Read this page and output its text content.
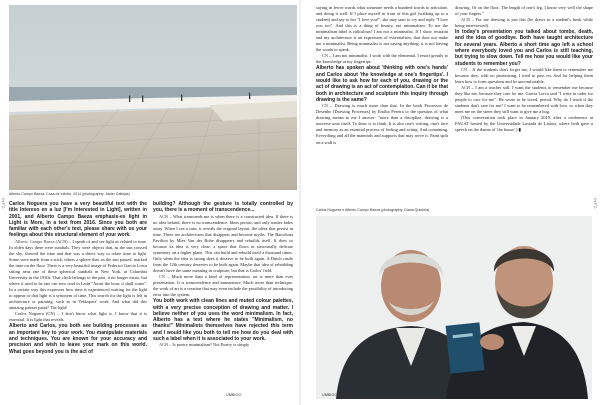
INFO
Alberto Campo Baeza, Casa de Infinito, 2014 (photography: Javier Callejas)

Carlos Noguera you have a very beautiful text with the title Intereso en a luz [I'm Interested in Light], written in 2001, and Alberto Campo Baeza emphasis-es light in Light is More, in a text from 2016. Since you both are familiar with each other's text, please share with us your feelings about this structural element of your work.

Alberto Campo Baeza (ACB) – I speak of and see light as related to time. In olden days there were sundials. They were objects that, as the sun crossed the sky, showed the time and that was a direct way to relate time to light. Some were made from a stick, others a sphere that, as the sun passed, marked the time on the floor. There is a very beautiful image of Federico García Lorca sitting near one of these spherical sundials in New York, at Columbia University in the 1930s. That clock belongs to the past, it no longer exists, but where it used to be one can now read in Latin "Await the hour, it shall come". In a certain way this expresses how time is experienced waiting for the light to appear or that light is a synonym of time. This search for the light is felt in architecture or painting, such as in Velázquez' work. And what did this amazing painter paint? The light!

Carlos Noguera (CN) – I don't know what light is. I know that it is essential. It is light that reveals.

Alberto and Carlos, you both see building processes as an important key to your work. You manipulate materials and techniques. You are known for your accuracy and precision and wish to leave your mark on this world. What goes beyond you is the act of

building? Although the gesture is totally controlled by you, there is a moment of transcendence...

ACB – What transcends me is when there is a constructed idea. If there is no idea behind, there is no transcendence. Ideas persist, and only matter fades away. When I see a ruin, it reveals the original layout, the ideas that persist in time. There are architectures that disappear and become myths. The Barcelona Pavilion by Mies Van der Rohe disappears and rebuilds itself. It does so because its idea is very clear: a space that flows in structurally delicate symmetry on a higher plane. This can build and rebuild itself a thousand times. Only when the idea is strong does it deserve to be built again. A Dutch castle from the 12th century deserves to be built again. Maybe that idea of rebuilding doesn't have the same meaning in sculpture, but that is Carlos' field.

CN – Much more than a kind of representation, art is more than ever presentation. It is transcendence and immanence. Much more than technique, the work of art is a creation that may even include the possibility of introducing error into the system.

You both work with clean lines and muted colour palettes, with a very precise conception of drawing and matter. I believe neither of you uses the word minimalism. In fact, Alberto has a text where he states "Minimalism, no thanks!" Minimalists themselves have rejected this term and I would like you both to tell me how do you deal with such a label when it is associated to your work.

ACB – Is poetry minimalism? Not Poetry is simply

UMBIGO
INFO

saying in fewer words what someone needs a hundred words to articulate, and doing it well. If I place myself in front of this girl (walking up to a student) and say to her "I love you!", she may start to cry and reply "I love you too". And this is a thing of beauty, not minimalism. To me the minimalism label is ridiculous! I am not a minimalist. If I show restraint and my architecture is an expression of essentialism, that does not make me a minimalist. Being minimalist is not saying anything, it is not having the words to speak.

CN – I am not minimalist. I work with the elemental. I resort greatly to the knowledge at my fingertips.

Alberto has spoken about 'thinking with one's hands' and Carlos about 'the knowledge at one's fingertips'. I would like to ask how for each of you, drawing or the act of drawing is an act of contemplation. Can it be that both in architecture and sculpture this inquiry through drawing is the same?

CN – Drawing is much more than that. In the book Processos de Desenho [Drawing Processes] by Emília Pereira to the question of what drawing means to me I answer: "more than a discipline, drawing is a universe unto itself. To draw is to think. It is also one's writing, one's face and memory as an essential process of feeling and acting. And containing. Everything and all the materials and supports that may serve it. Paint spilt on a wall is

drawing. Or on the floor. The length of one's leg. I know very well the shape of your fingers."

ACB – For me drawing is just this (he draws in a student's book while being interviewed).

In today's presentation you talked about tombs, death, and the idea of goodbye. Both have taught architecture for several years. Alberto a short time ago left a school where everybody loved you and Carlos is still teaching, but trying to slow down. Tell me how you would like your students to remember you?

CN – If the students don't forget me, I would like them to remember me because they, with no patronising, I tried to pass on. And for helping them learn how to form questions and be uncomfortable.

ACB – I am a teacher still. I want the students to remember me because they like me, because they care for me. García Lorca said "I write in order for people to care for me". He wrote to be loved, period. Why do I teach if the students don't care for me? I want to be remembered with love, so when they meet me on the street they still want to give me a hug.

(This conversation took place in January 2019, after a conference at FAUAT hosted by the Universidade Lusíada de Lisboa, where both gave a speech on the theme of 'the house'.) ▮

Carlos Noguera e Alberto Campo Baeza (photography: Diana Quintela)
UMBIGO
